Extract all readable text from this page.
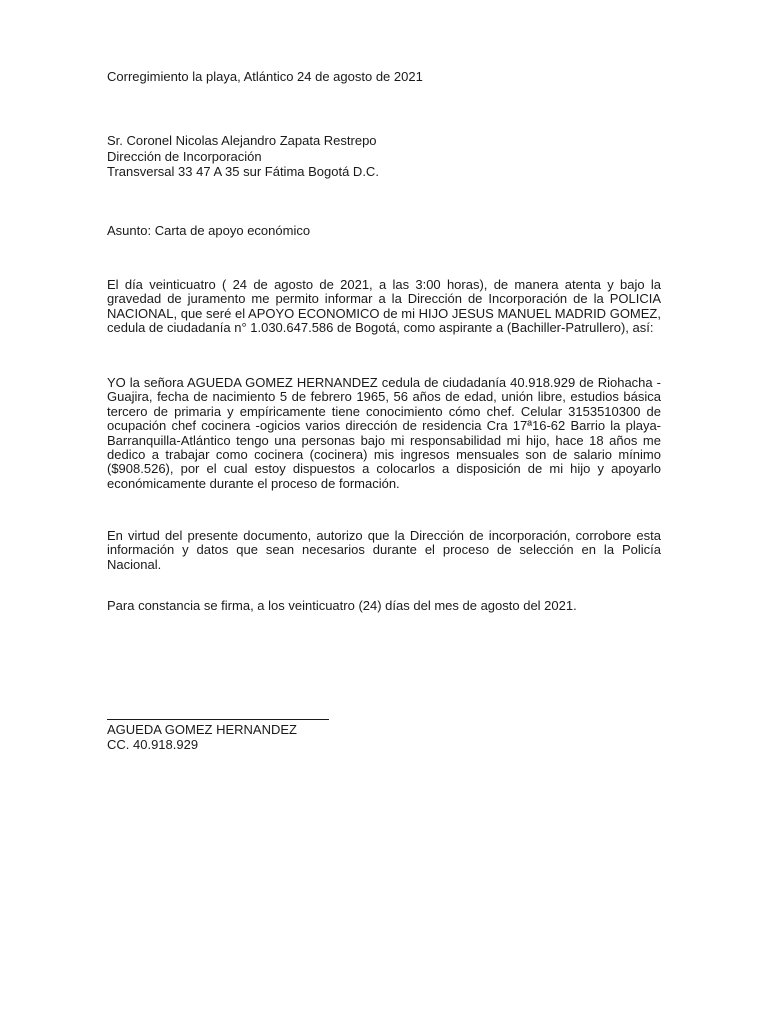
Corregimiento la playa, Atlántico 24 de agosto de 2021
Sr. Coronel Nicolas Alejandro Zapata Restrepo
Dirección de Incorporación
Transversal 33 47 A 35 sur Fátima Bogotá D.C.
Asunto: Carta de apoyo económico
El día veinticuatro ( 24 de agosto de 2021, a las 3:00 horas), de manera atenta y bajo la gravedad de juramento me permito informar a la Dirección de Incorporación de la POLICIA NACIONAL, que seré el APOYO ECONOMICO de mi HIJO JESUS MANUEL MADRID GOMEZ, cedula de ciudadanía n° 1.030.647.586 de Bogotá, como aspirante a (Bachiller-Patrullero), así:
YO la señora AGUEDA GOMEZ HERNANDEZ cedula de ciudadanía 40.918.929 de Riohacha - Guajira, fecha de nacimiento 5 de febrero 1965, 56 años de edad, unión libre, estudios básica tercero de primaria y empíricamente tiene conocimiento cómo chef. Celular 3153510300 de ocupación chef cocinera -ogicios varios dirección de residencia Cra 17ª16-62 Barrio la playa-Barranquilla-Atlántico tengo una personas bajo mi responsabilidad mi hijo, hace 18 años me dedico a trabajar como cocinera (cocinera) mis ingresos mensuales son de salario mínimo ($908.526), por el cual estoy dispuestos a colocarlos a disposición de mi hijo y apoyarlo económicamente durante el proceso de formación.
En virtud del presente documento, autorizo que la Dirección de incorporación, corrobore esta información y datos que sean necesarios durante el proceso de selección en la Policía Nacional.
Para constancia se firma, a los veinticuatro (24) días del mes de agosto del 2021.
AGUEDA GOMEZ HERNANDEZ
CC. 40.918.929
